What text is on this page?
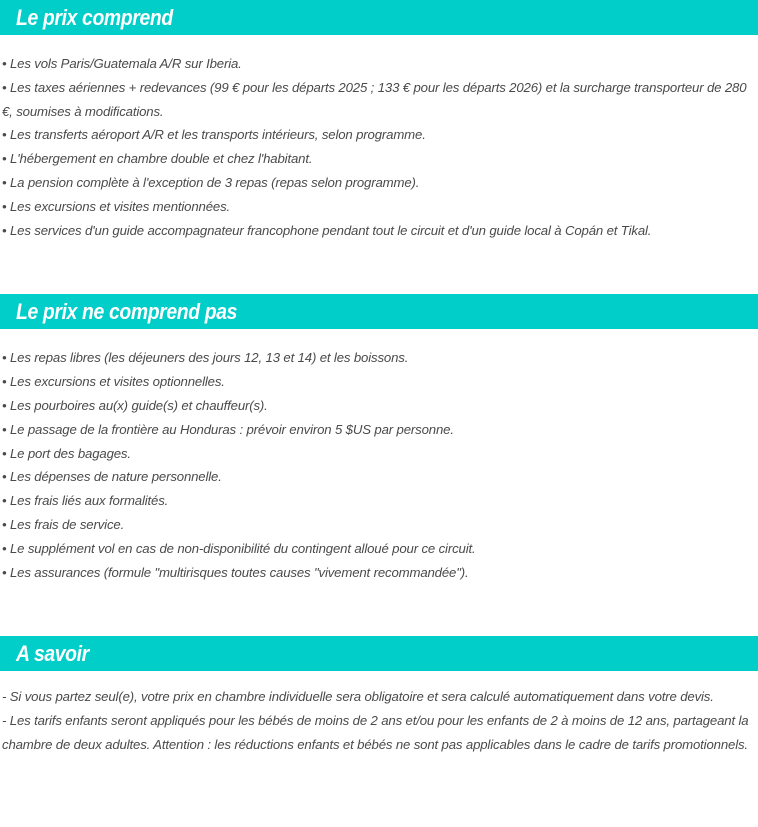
Le prix comprend

• Les vols Paris/Guatemala A/R sur Iberia.

• Les taxes aériennes + redevances (99 € pour les départs 2025 ; 133 € pour les départs 2026) et la surcharge transporteur de 280 €, soumises à modifications.

• Les transferts aéroport A/R et les transports intérieurs, selon programme.

• L'hébergement en chambre double et chez l'habitant.

• La pension complète à l'exception de 3 repas (repas selon programme).

• Les excursions et visites mentionnées.

• Les services d'un guide accompagnateur francophone pendant tout le circuit et d'un guide local à Copán et Tikal.

Le prix ne comprend pas

• Les repas libres (les déjeuners des jours 12, 13 et 14) et les boissons.

• Les excursions et visites optionnelles.

• Les pourboires au(x) guide(s) et chauffeur(s).

• Le passage de la frontière au Honduras : prévoir environ 5 $US par personne.

• Le port des bagages.

• Les dépenses de nature personnelle.

• Les frais liés aux formalités.

• Les frais de service.

• Le supplément vol en cas de non-disponibilité du contingent alloué pour ce circuit.

• Les assurances (formule "multirisques toutes causes "vivement recommandée").

A savoir

- Si vous partez seul(e), votre prix en chambre individuelle sera obligatoire et sera calculé automatiquement dans votre devis.

- Les tarifs enfants seront appliqués pour les bébés de moins de 2 ans et/ou pour les enfants de 2 à moins de 12 ans, partageant la chambre de deux adultes. Attention : les réductions enfants et bébés ne sont pas applicables dans le cadre de tarifs promotionnels.
